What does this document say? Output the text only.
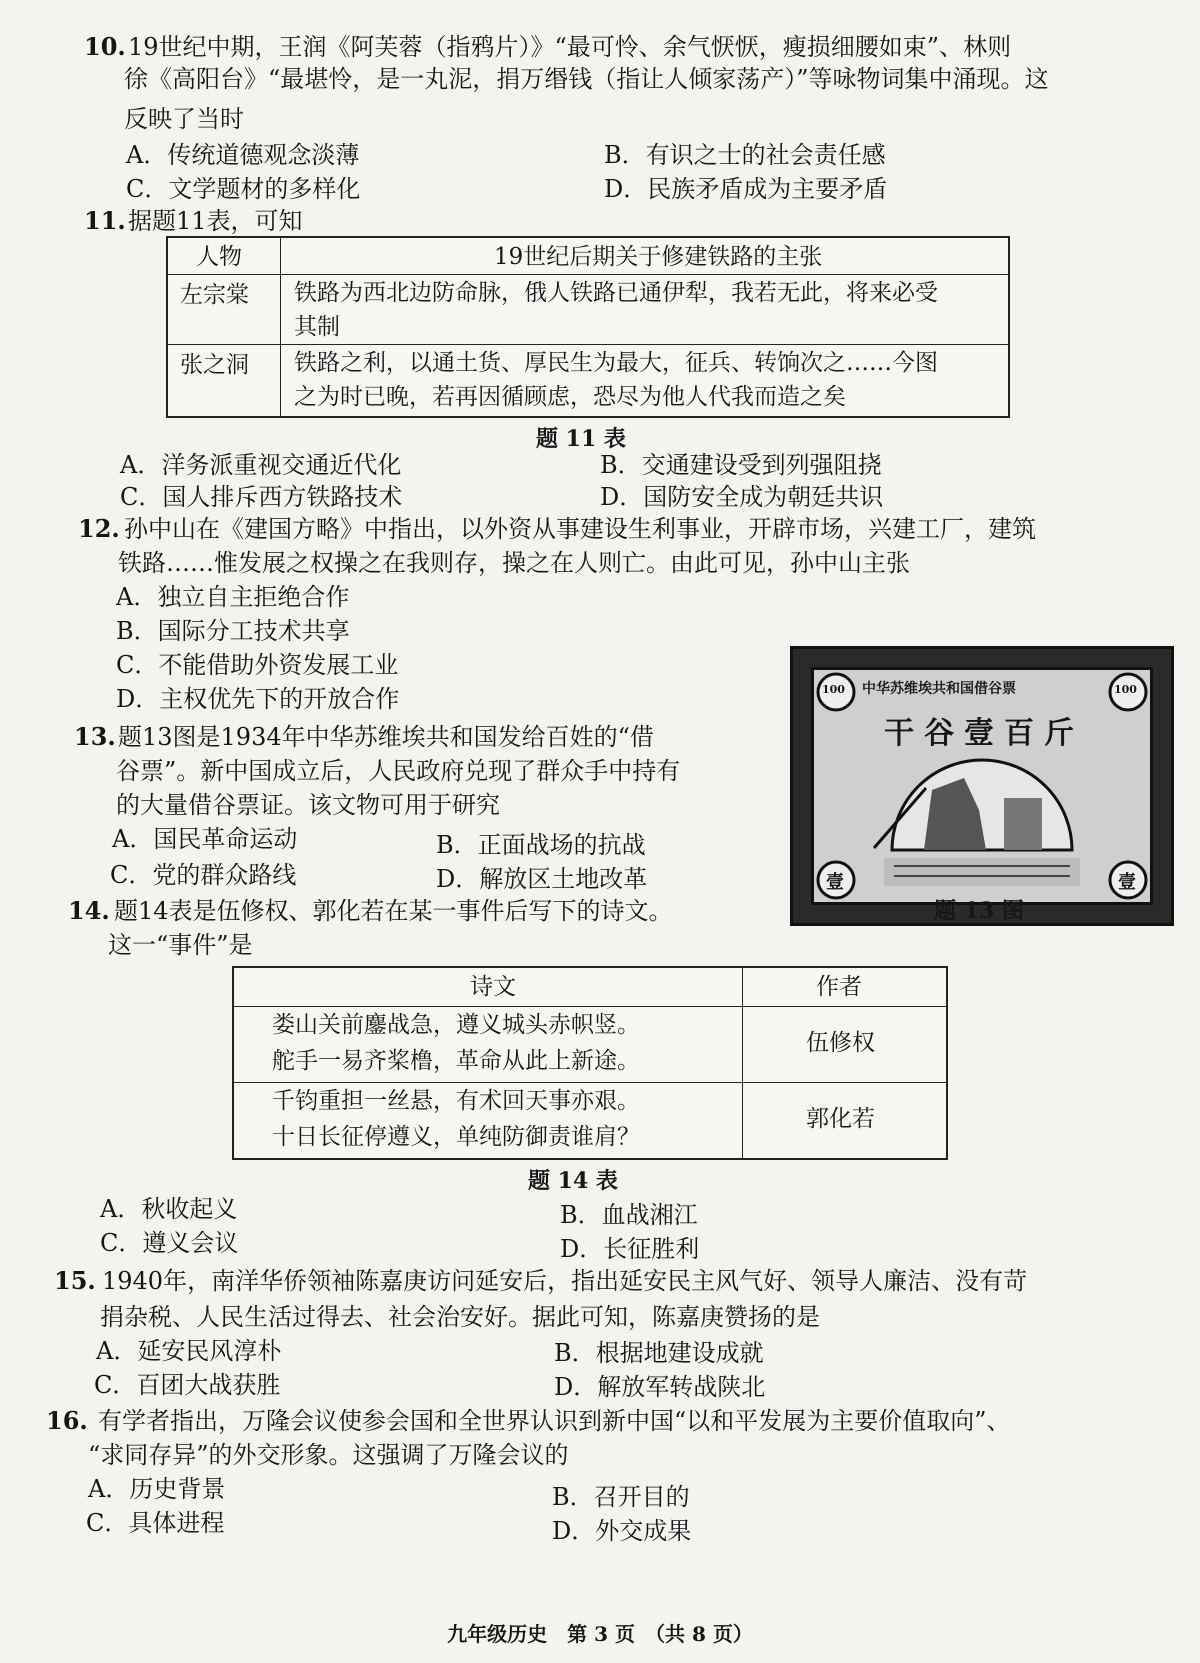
10. 19世纪中期，王润《阿芙蓉（指鸦片）》“最可怜、余气恹恹，瘦损细腰如束”、林则
徐《高阳台》“最堪怜，是一丸泥，捐万缗钱（指让人倾家荡产）”等咏物词集中涌现。这
反映了当时
A．传统道德观念淡薄	B．有识之士的社会责任感
C．文学题材的多样化	D．民族矛盾成为主要矛盾
11. 据题11表，可知
人物	19世纪后期关于修建铁路的主张
左宗棠 铁路为西北边防命脉，俄人铁路已通伊犁，我若无此，将来必受
其制
张之洞 铁路之利，以通土货、厚民生为最大，征兵、转饷次之……今图
之为时已晚，若再因循顾虑，恐尽为他人代我而造之矣
题 11 表
A．洋务派重视交通近代化	B．交通建设受到列强阻挠
C．国人排斥西方铁路技术	D．国防安全成为朝廷共识
12. 孙中山在《建国方略》中指出，以外资从事建设生利事业，开辟市场，兴建工厂，建筑
铁路……惟发展之权操之在我则存，操之在人则亡。由此可见，孙中山主张
A．独立自主拒绝合作
B．国际分工技术共享
C．不能借助外资发展工业
D．主权优先下的开放合作	中华苏维埃共和国借谷票
100	100
干谷壹百斤
壹	壹
题 13 图
13. 题13图是1934年中华苏维埃共和国发给百姓的“借
谷票”。新中国成立后，人民政府兑现了群众手中持有
的大量借谷票证。该文物可用于研究
A．国民革命运动	B．正面战场的抗战
C．党的群众路线	D．解放区土地改革
14. 题14表是伍修权、郭化若在某一事件后写下的诗文。
这一“事件”是
诗文	作者
娄山关前鏖战急，遵义城头赤帜竖。
舵手一易齐桨橹，革命从此上新途。
伍修权
千钧重担一丝悬，有术回天事亦艰。
十日长征停遵义，单纯防御责谁肩？
郭化若
题 14 表
A．秋收起义	B．血战湘江
C．遵义会议	D．长征胜利
15. 1940年，南洋华侨领袖陈嘉庚访问延安后，指出延安民主风气好、领导人廉洁、没有苛
捐杂税、人民生活过得去、社会治安好。据此可知，陈嘉庚赞扬的是
A．延安民风淳朴	B．根据地建设成就
C．百团大战获胜	D．解放军转战陕北
16. 有学者指出，万隆会议使参会国和全世界认识到新中国“以和平发展为主要价值取向”、
“求同存异”的外交形象。这强调了万隆会议的
A．历史背景	B．召开目的
C．具体进程	D．外交成果
九年级历史　第 3 页　（共 8 页）
